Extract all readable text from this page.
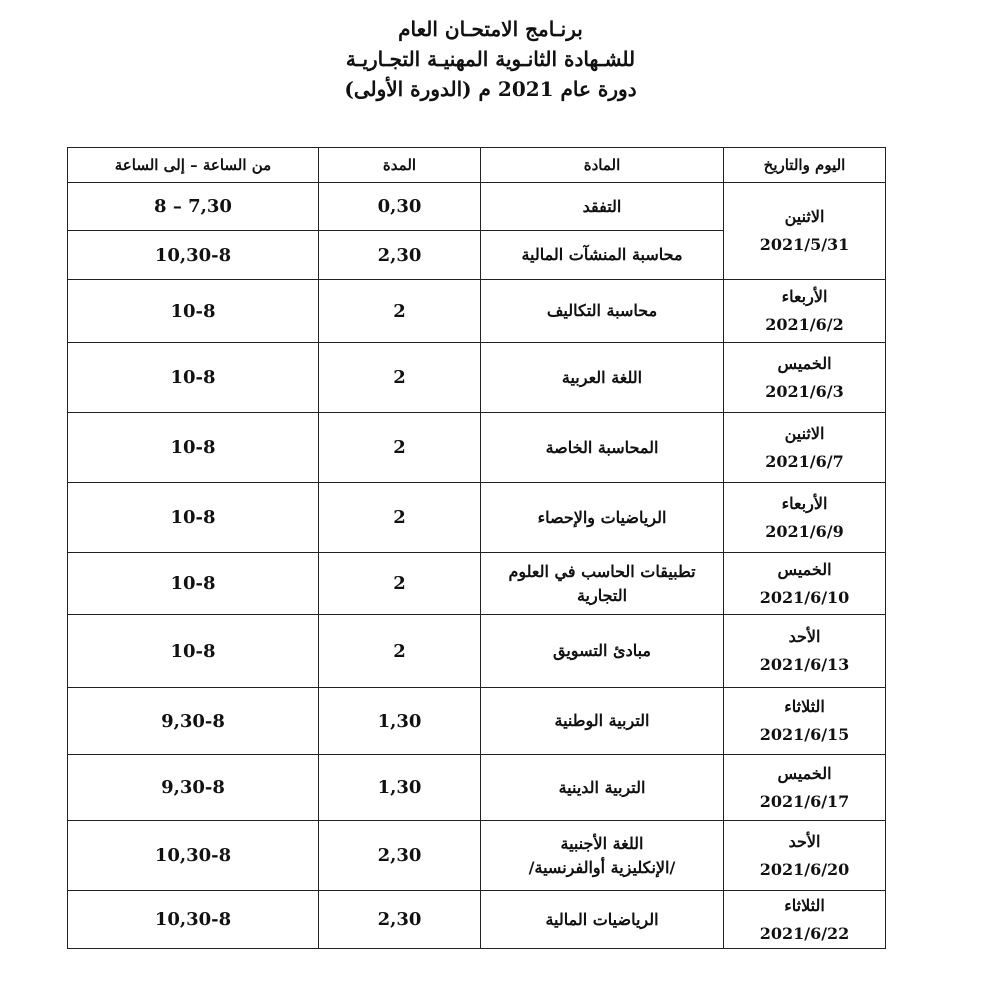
برنـامج الامتحـان العام
للشـهادة الثانـوية المهنيـة التجـاريـة
دورة عام 2021 م (الدورة الأولى)
اليوم والتاريخ	المادة	المدة	من الساعة – إلى الساعة

الاثنين
2021/5/31	التفقد	0,30	8 – 7,30
	محاسبة المنشآت المالية	2,30	10,30-8

الأربعاء
2021/6/2	محاسبة التكاليف	2	10-8

الخميس
2021/6/3	اللغة العربية	2	10-8

الاثنين
2021/6/7	المحاسبة الخاصة	2	10-8

الأربعاء
2021/6/9	الرياضيات والإحصاء	2	10-8

الخميس
2021/6/10	تطبيقات الحاسب في العلوم التجارية	2	10-8

الأحد
2021/6/13	مبادئ التسويق	2	10-8

الثلاثاء
2021/6/15	التربية الوطنية	1,30	9,30-8

الخميس
2021/6/17	التربية الدينية	1,30	9,30-8

الأحد
2021/6/20	اللغة الأجنبية
/الإنكليزية أوالفرنسية/	2,30	10,30-8

الثلاثاء
2021/6/22	الرياضيات المالية	2,30	10,30-8
